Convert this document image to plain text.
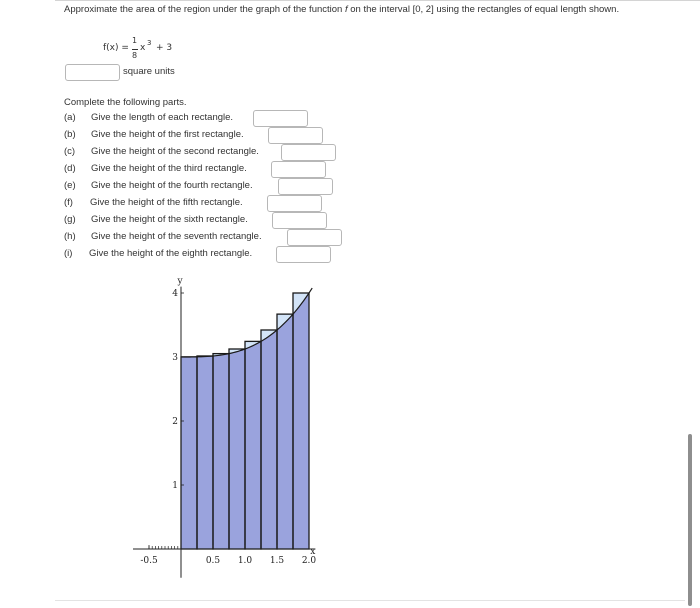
Approximate the area of the region under the graph of the function f on the interval [0, 2] using the rectangles of equal length shown.
f(x) =
1
8
x 3 + 3
square units
Complete the following parts.
(a) Give the length of each rectangle.
(b) Give the height of the first rectangle.
(c) Give the height of the second rectangle.
(d) Give the height of the third rectangle.
(e) Give the height of the fourth rectangle.
(f) Give the height of the fifth rectangle.
(g) Give the height of the sixth rectangle.
(h) Give the height of the seventh rectangle.
(i) Give the height of the eighth rectangle.
-0.5	0.5 1.0 1.5 2.0
1
2
3
4
y
x
